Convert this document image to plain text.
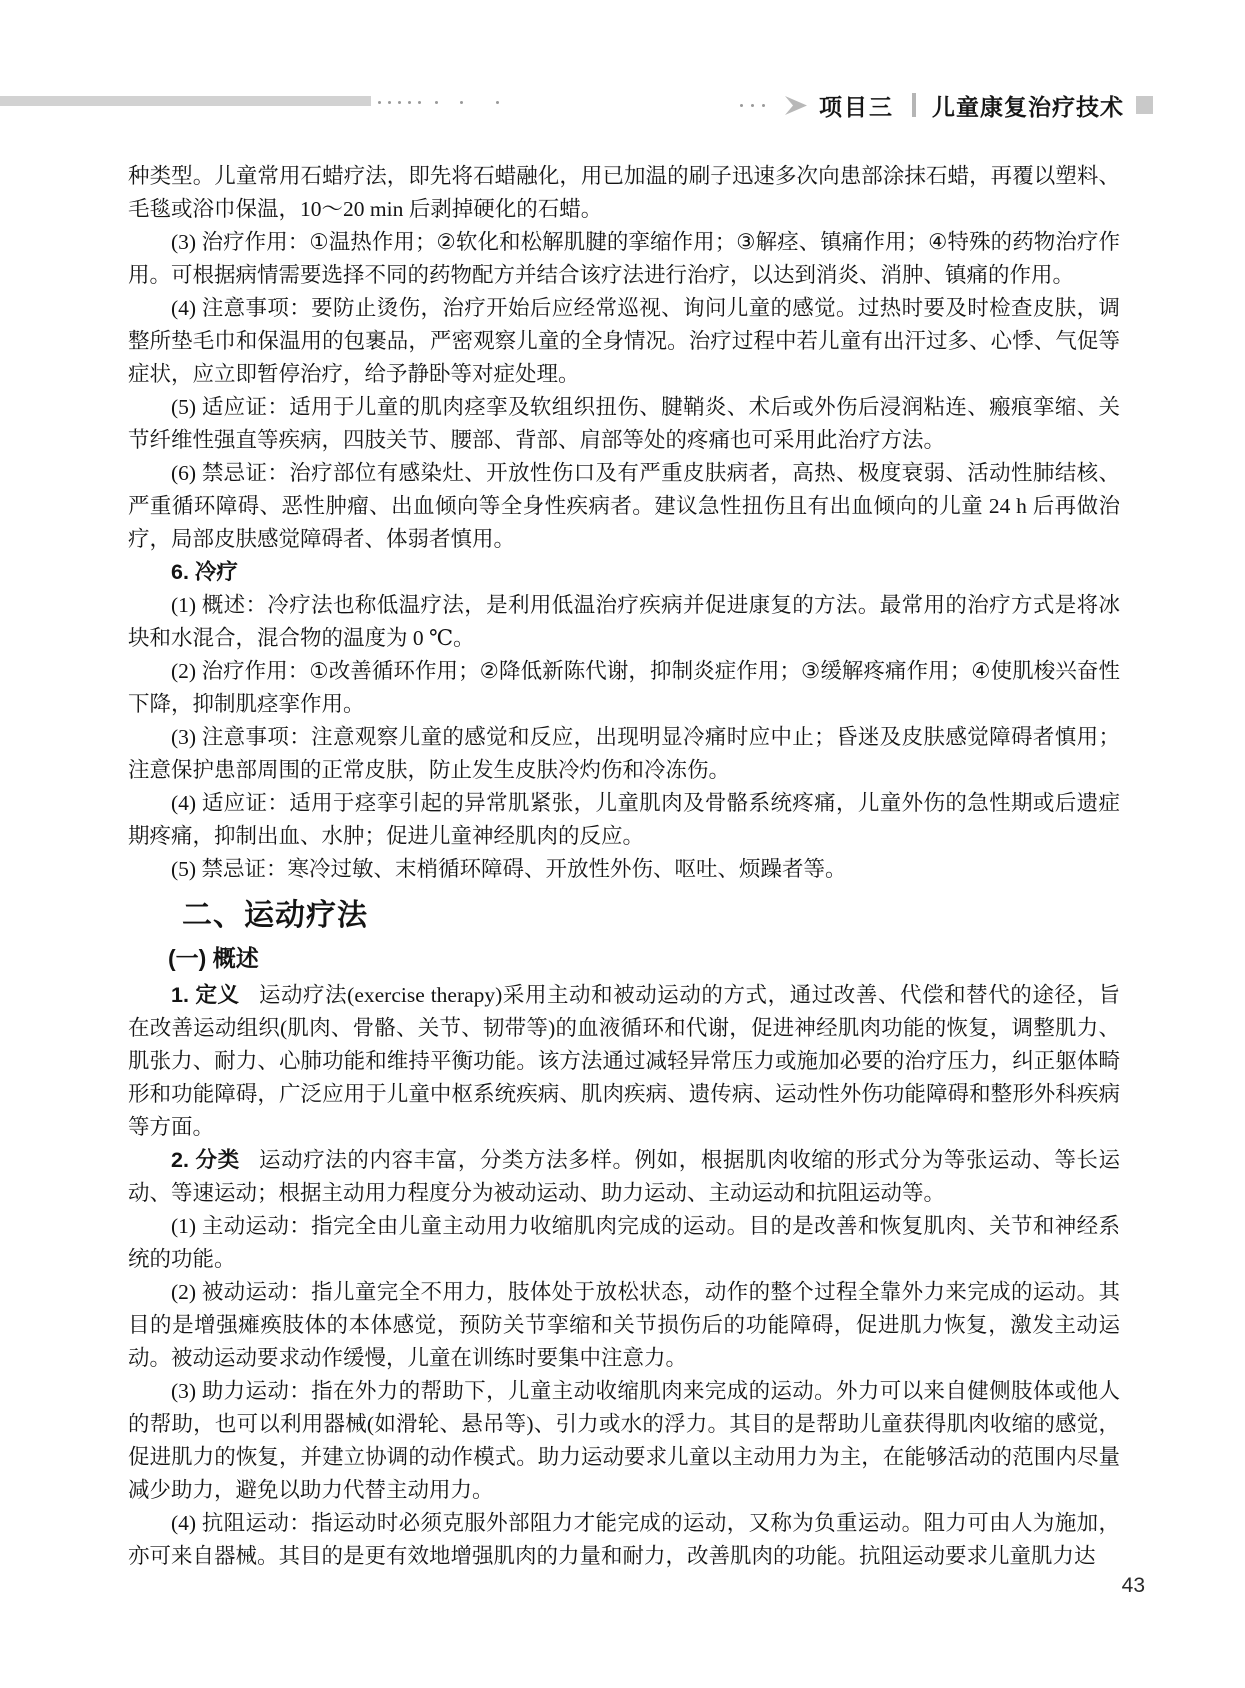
项目三 儿童康复治疗技术

种类型。儿童常用石蜡疗法，即先将石蜡融化，用已加温的刷子迅速多次向患部涂抹石蜡，再覆以塑料、毛毯或浴巾保温，10～20 min 后剥掉硬化的石蜡。

(3) 治疗作用：①温热作用；②软化和松解肌腱的挛缩作用；③解痉、镇痛作用；④特殊的药物治疗作用。可根据病情需要选择不同的药物配方并结合该疗法进行治疗，以达到消炎、消肿、镇痛的作用。

(4) 注意事项：要防止烫伤，治疗开始后应经常巡视、询问儿童的感觉。过热时要及时检查皮肤，调整所垫毛巾和保温用的包裹品，严密观察儿童的全身情况。治疗过程中若儿童有出汗过多、心悸、气促等症状，应立即暂停治疗，给予静卧等对症处理。

(5) 适应证：适用于儿童的肌肉痉挛及软组织扭伤、腱鞘炎、术后或外伤后浸润粘连、瘢痕挛缩、关节纤维性强直等疾病，四肢关节、腰部、背部、肩部等处的疼痛也可采用此治疗方法。

(6) 禁忌证：治疗部位有感染灶、开放性伤口及有严重皮肤病者，高热、极度衰弱、活动性肺结核、严重循环障碍、恶性肿瘤、出血倾向等全身性疾病者。建议急性扭伤且有出血倾向的儿童 24 h 后再做治疗，局部皮肤感觉障碍者、体弱者慎用。

6. 冷疗

(1) 概述：冷疗法也称低温疗法，是利用低温治疗疾病并促进康复的方法。最常用的治疗方式是将冰块和水混合，混合物的温度为 0 ℃。

(2) 治疗作用：①改善循环作用；②降低新陈代谢，抑制炎症作用；③缓解疼痛作用；④使肌梭兴奋性下降，抑制肌痉挛作用。

(3) 注意事项：注意观察儿童的感觉和反应，出现明显冷痛时应中止；昏迷及皮肤感觉障碍者慎用；注意保护患部周围的正常皮肤，防止发生皮肤冷灼伤和冷冻伤。

(4) 适应证：适用于痉挛引起的异常肌紧张，儿童肌肉及骨骼系统疼痛，儿童外伤的急性期或后遗症期疼痛，抑制出血、水肿；促进儿童神经肌肉的反应。

(5) 禁忌证：寒冷过敏、末梢循环障碍、开放性外伤、呕吐、烦躁者等。

二、运动疗法

(一) 概述

1. 定义 运动疗法(exercise therapy)采用主动和被动运动的方式，通过改善、代偿和替代的途径，旨在改善运动组织(肌肉、骨骼、关节、韧带等)的血液循环和代谢，促进神经肌肉功能的恢复，调整肌力、肌张力、耐力、心肺功能和维持平衡功能。该方法通过减轻异常压力或施加必要的治疗压力，纠正躯体畸形和功能障碍，广泛应用于儿童中枢系统疾病、肌肉疾病、遗传病、运动性外伤功能障碍和整形外科疾病等方面。

2. 分类 运动疗法的内容丰富，分类方法多样。例如，根据肌肉收缩的形式分为等张运动、等长运动、等速运动；根据主动用力程度分为被动运动、助力运动、主动运动和抗阻运动等。

(1) 主动运动：指完全由儿童主动用力收缩肌肉完成的运动。目的是改善和恢复肌肉、关节和神经系统的功能。

(2) 被动运动：指儿童完全不用力，肢体处于放松状态，动作的整个过程全靠外力来完成的运动。其目的是增强瘫痪肢体的本体感觉，预防关节挛缩和关节损伤后的功能障碍，促进肌力恢复，激发主动运动。被动运动要求动作缓慢，儿童在训练时要集中注意力。

(3) 助力运动：指在外力的帮助下，儿童主动收缩肌肉来完成的运动。外力可以来自健侧肢体或他人的帮助，也可以利用器械(如滑轮、悬吊等)、引力或水的浮力。其目的是帮助儿童获得肌肉收缩的感觉，促进肌力的恢复，并建立协调的动作模式。助力运动要求儿童以主动用力为主，在能够活动的范围内尽量减少助力，避免以助力代替主动用力。

(4) 抗阻运动：指运动时必须克服外部阻力才能完成的运动，又称为负重运动。阻力可由人为施加，亦可来自器械。其目的是更有效地增强肌肉的力量和耐力，改善肌肉的功能。抗阻运动要求儿童肌力达

43
